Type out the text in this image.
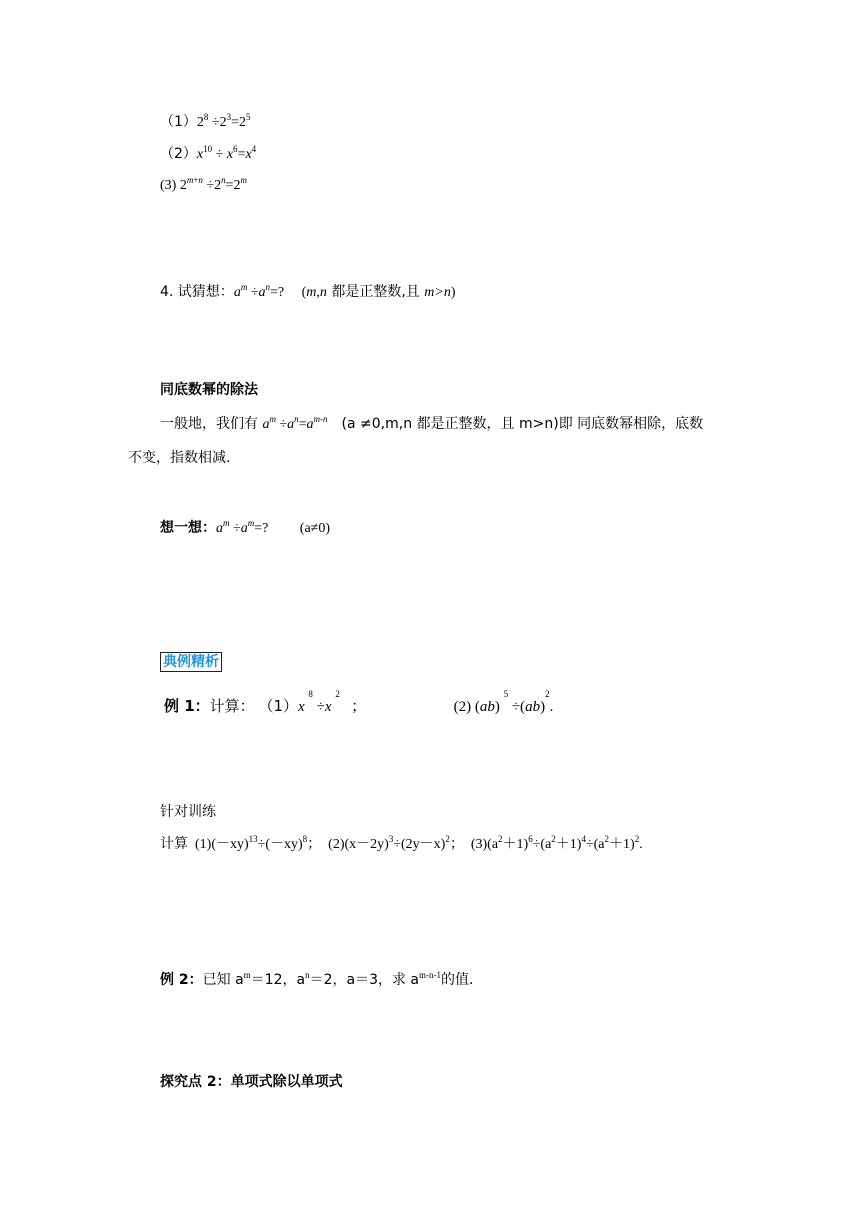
$(1)2^8 \div 2^3=2^5$
$(2)x^{10} \div x^6=x^4$
(3) $2^{m+n} \div 2^n=2^m$
4. 试猜想：$a^m \div a^n=$? (m,n 都是正整数,且 m>n)
同底数幂的除法
一般地，我们有 $a^m \div a^n=a^{m-n}$ (a ≠0,m,n 都是正整数，且 m>n)即 同底数幂相除，底数
不变，指数相减.
想一想：$a^m \div a^m=$? (a≠0)
典例精析
例 1：计算： （1）x $^8$ ÷x $^2$   ；	(2) (ab) $^5$ ÷(ab)$^2$.
针对训练
计算 $(1)(-xy)^{13}\div(-xy)^8$； $(2)(x-2y)^3\div(2y-x)^2$； $(3)(a^2+1)^6\div(a^2+1)^4\div(a^2+1)^2$.
例 2：已知 $a^m=12$，$a^n=2$，a＝3，求 $a^{m-n-1}$的值．
探究点 2：单项式除以单项式
